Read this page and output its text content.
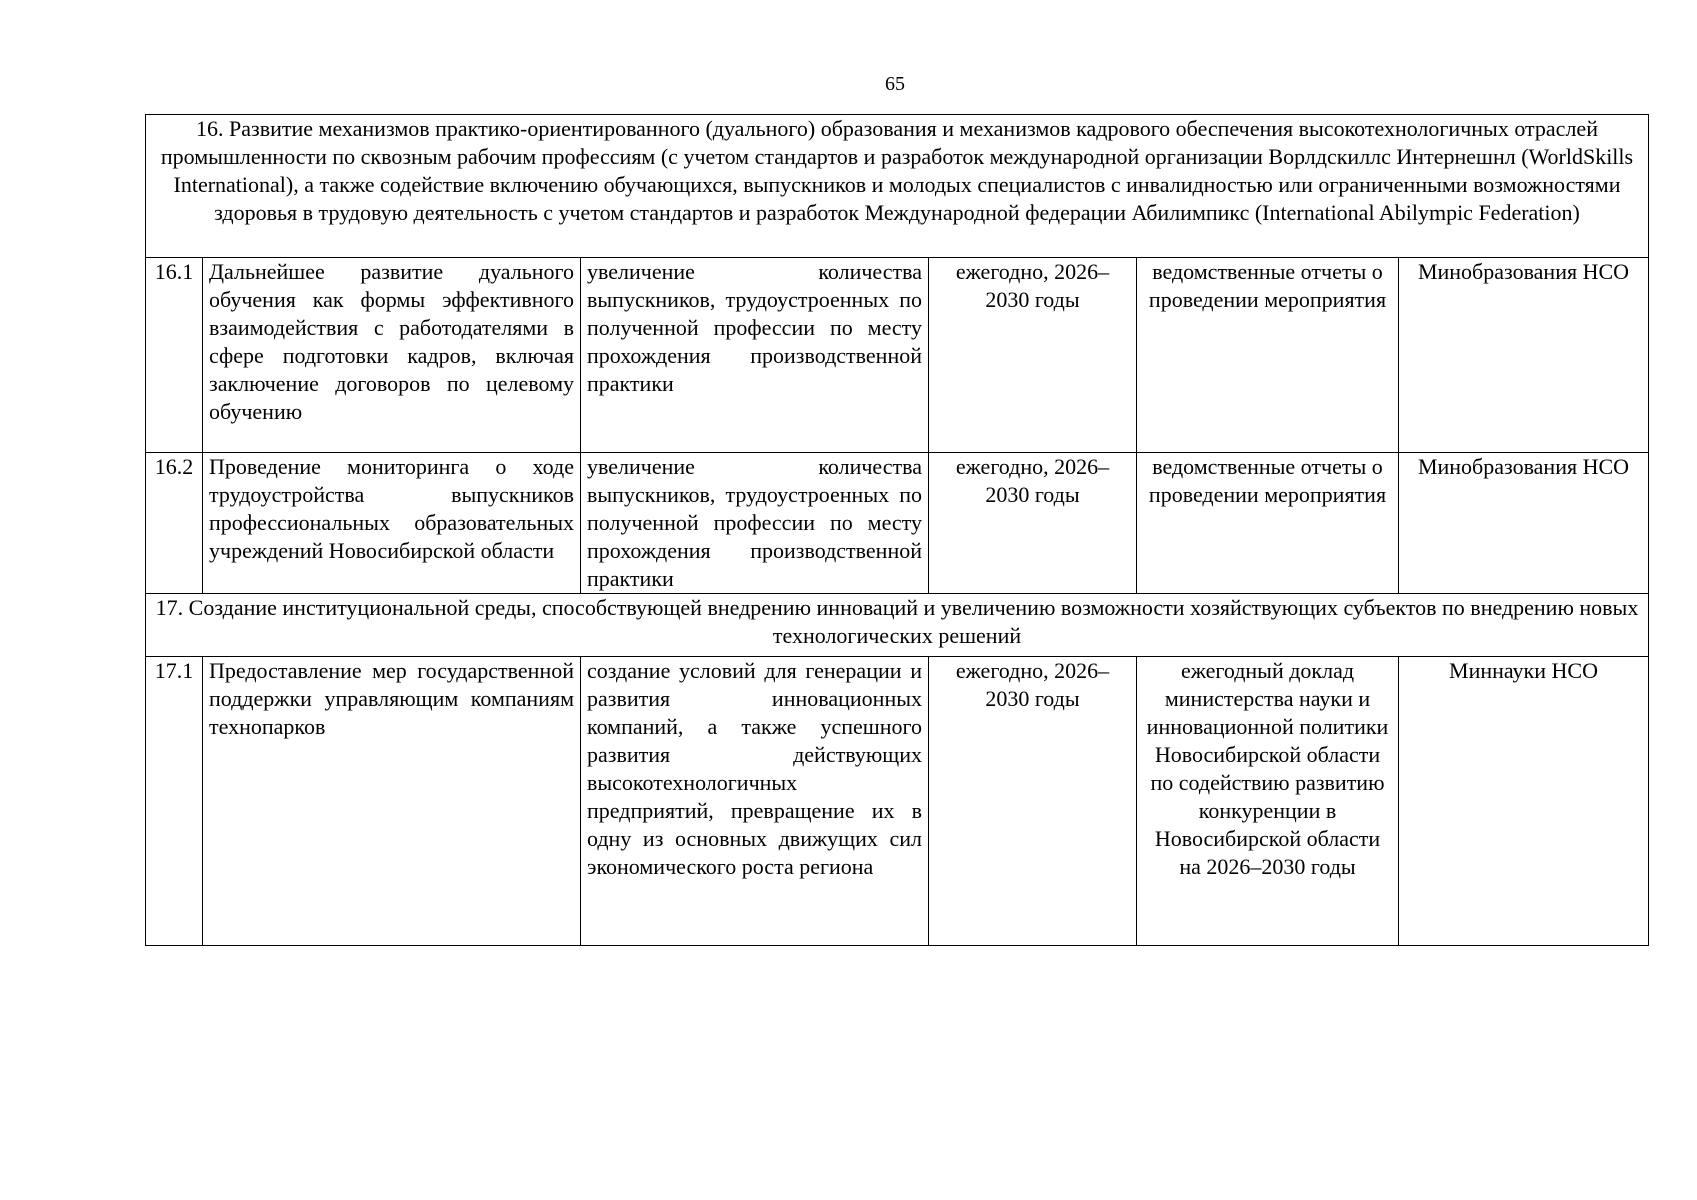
65
16. Развитие механизмов практико-ориентированного (дуального) образования и механизмов кадрового обеспечения высокотехнологичных отраслей промышленности по сквозным рабочим профессиям (с учетом стандартов и разработок международной организации Ворлдскиллс Интернешнл (WorldSkills International), а также содействие включению обучающихся, выпускников и молодых специалистов с инвалидностью или ограниченными возможностями здоровья в трудовую деятельность с учетом стандартов и разработок Международной федерации Абилимпикс (International Abilympic Federation)					
16.1	Дальнейшее развитие дуального обучения как формы эффективного взаимодействия с работодателями в сфере подготовки кадров, включая заключение договоров по целевому обучению	увеличение количества выпускников, трудоустроенных по полученной профессии по месту прохождения производственной практики	ежегодно, 2026–2030 годы	ведомственные отчеты о проведении мероприятия	Минобразования НСО
16.2	Проведение мониторинга о ходе трудоустройства выпускников профессиональных образовательных учреждений Новосибирской области	увеличение количества выпускников, трудоустроенных по полученной профессии по месту прохождения производственной практики	ежегодно, 2026–2030 годы	ведомственные отчеты о проведении мероприятия	Минобразования НСО
17. Создание институциональной среды, способствующей внедрению инноваций и увеличению возможности хозяйствующих субъектов по внедрению новых технологических решений					
17.1	Предоставление мер государственной поддержки управляющим компаниям технопарков	создание условий для генерации и развития инновационных компаний, а также успешного развития действующих высокотехнологичных предприятий, превращение их в одну из основных движущих сил экономического роста региона	ежегодно, 2026–2030 годы	ежегодный доклад министерства науки и инновационной политики Новосибирской области по содействию развитию конкуренции в Новосибирской области на 2026–2030 годы	Миннауки НСО
